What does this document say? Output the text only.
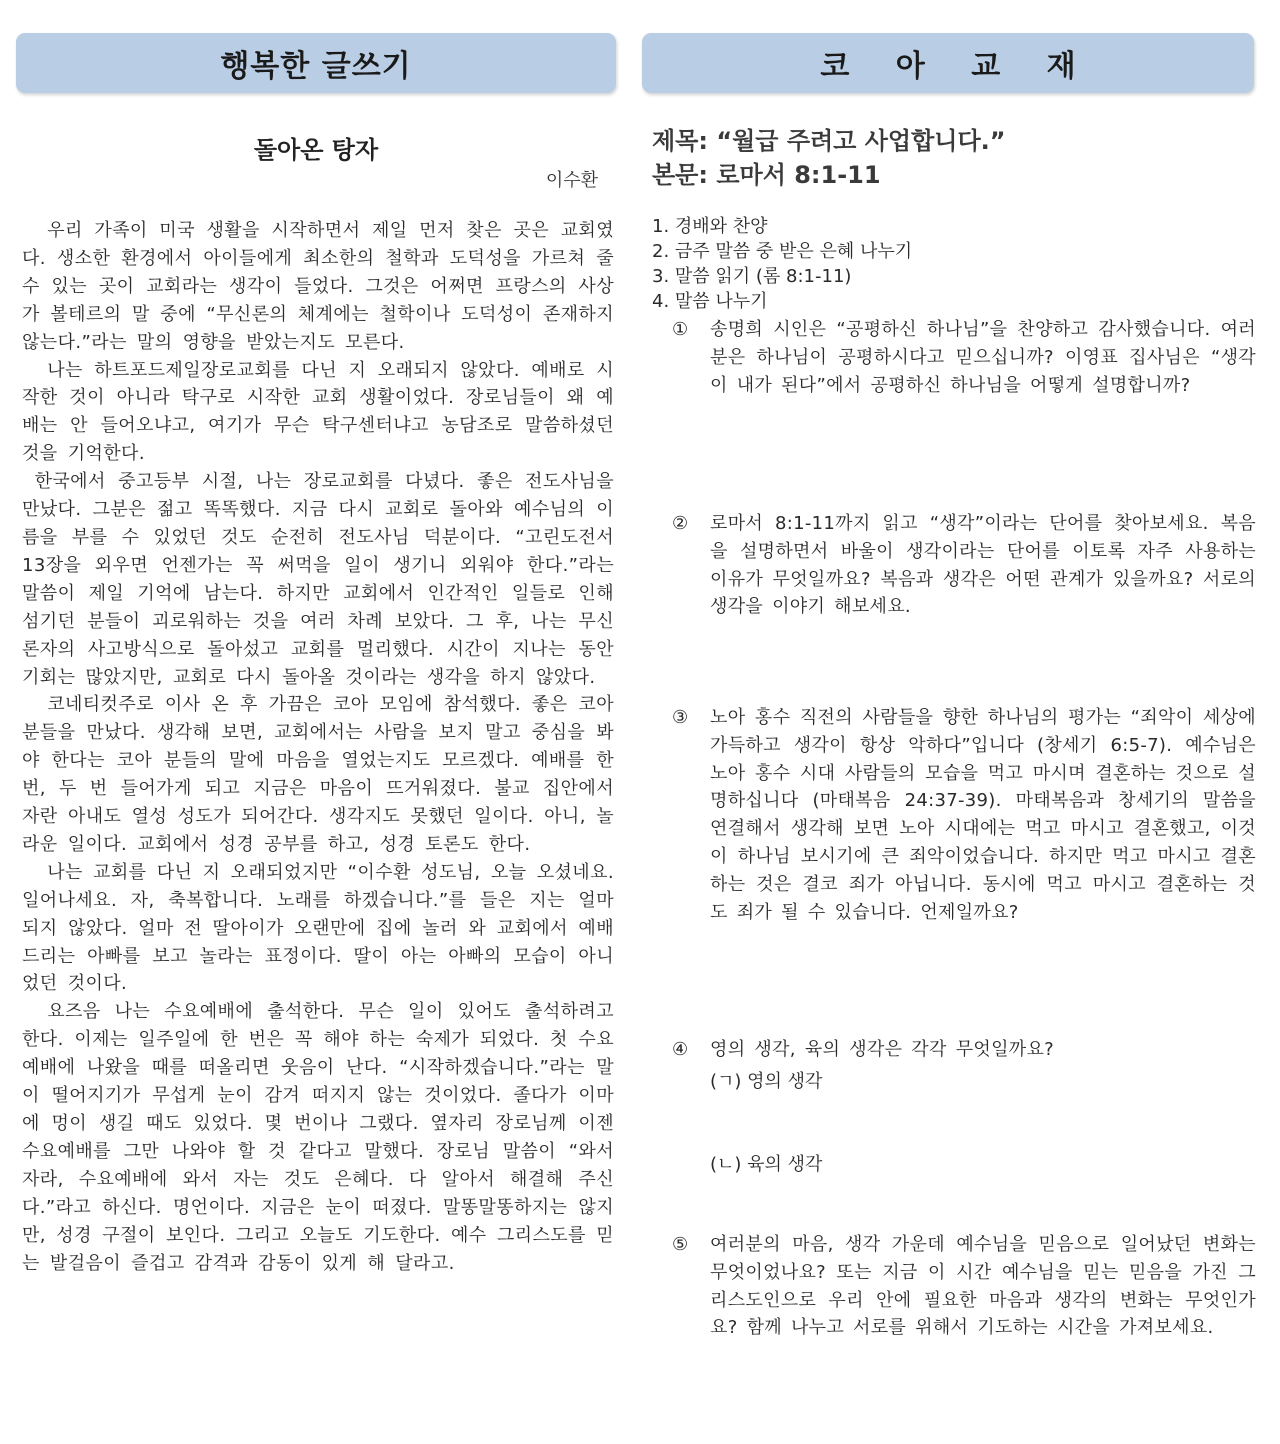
행복한 글쓰기
돌아온 탕자
이수환

우리 가족이 미국 생활을 시작하면서 제일 먼저 찾은 곳은 교회였다. 생소한 환경에서 아이들에게 최소한의 철학과 도덕성을 가르쳐 줄 수 있는 곳이 교회라는 생각이 들었다. 그것은 어쩌면 프랑스의 사상가 볼테르의 말 중에 “무신론의 체계에는 철학이나 도덕성이 존재하지 않는다.”라는 말의 영향을 받았는지도 모른다.

나는 하트포드제일장로교회를 다닌 지 오래되지 않았다. 예배로 시작한 것이 아니라 탁구로 시작한 교회 생활이었다. 장로님들이 왜 예배는 안 들어오냐고, 여기가 무슨 탁구센터냐고 농담조로 말씀하셨던 것을 기억한다.

한국에서 중고등부 시절, 나는 장로교회를 다녔다. 좋은 전도사님을 만났다. 그분은 젊고 똑똑했다. 지금 다시 교회로 돌아와 예수님의 이름을 부를 수 있었던 것도 순전히 전도사님 덕분이다. “고린도전서 13장을 외우면 언젠가는 꼭 써먹을 일이 생기니 외워야 한다.”라는 말씀이 제일 기억에 남는다. 하지만 교회에서 인간적인 일들로 인해 섬기던 분들이 괴로워하는 것을 여러 차례 보았다. 그 후, 나는 무신론자의 사고방식으로 돌아섰고 교회를 멀리했다. 시간이 지나는 동안 기회는 많았지만, 교회로 다시 돌아올 것이라는 생각을 하지 않았다.

코네티컷주로 이사 온 후 가끔은 코아 모임에 참석했다. 좋은 코아 분들을 만났다. 생각해 보면, 교회에서는 사람을 보지 말고 중심을 봐야 한다는 코아 분들의 말에 마음을 열었는지도 모르겠다. 예배를 한 번, 두 번 들어가게 되고 지금은 마음이 뜨거워졌다. 불교 집안에서 자란 아내도 열성 성도가 되어간다. 생각지도 못했던 일이다. 아니, 놀라운 일이다. 교회에서 성경 공부를 하고, 성경 토론도 한다.

나는 교회를 다닌 지 오래되었지만 “이수환 성도님, 오늘 오셨네요. 일어나세요. 자, 축복합니다. 노래를 하겠습니다.”를 들은 지는 얼마 되지 않았다. 얼마 전 딸아이가 오랜만에 집에 놀러 와 교회에서 예배드리는 아빠를 보고 놀라는 표정이다. 딸이 아는 아빠의 모습이 아니었던 것이다.

요즈음 나는 수요예배에 출석한다. 무슨 일이 있어도 출석하려고 한다. 이제는 일주일에 한 번은 꼭 해야 하는 숙제가 되었다. 첫 수요예배에 나왔을 때를 떠올리면 웃음이 난다. “시작하겠습니다.”라는 말이 떨어지기가 무섭게 눈이 감겨 떠지지 않는 것이었다. 졸다가 이마에 멍이 생길 때도 있었다. 몇 번이나 그랬다. 옆자리 장로님께 이젠 수요예배를 그만 나와야 할 것 같다고 말했다. 장로님 말씀이 “와서 자라, 수요예배에 와서 자는 것도 은혜다. 다 알아서 해결해 주신다.”라고 하신다. 명언이다. 지금은 눈이 떠졌다. 말똥말똥하지는 않지만, 성경 구절이 보인다. 그리고 오늘도 기도한다. 예수 그리스도를 믿는 발걸음이 즐겁고 감격과 감동이 있게 해 달라고.

코 아 교 재
제목: “월급 주려고 사업합니다.”
본문: 로마서 8:1-11
1. 경배와 찬양
2. 금주 말씀 중 받은 은혜 나누기
3. 말씀 읽기 (롬 8:1-11)
4. 말씀 나누기
①	송명희 시인은 “공평하신 하나님”을 찬양하고 감사했습니다. 여러분은 하나님이 공평하시다고 믿으십니까? 이영표 집사님은 “생각이 내가 된다”에서 공평하신 하나님을 어떻게 설명합니까?
②	로마서 8:1-11까지 읽고 “생각”이라는 단어를 찾아보세요. 복음을 설명하면서 바울이 생각이라는 단어를 이토록 자주 사용하는 이유가 무엇일까요? 복음과 생각은 어떤 관계가 있을까요? 서로의 생각을 이야기 해보세요.
③	노아 홍수 직전의 사람들을 향한 하나님의 평가는 “죄악이 세상에 가득하고 생각이 항상 악하다”입니다 (창세기 6:5-7). 예수님은 노아 홍수 시대 사람들의 모습을 먹고 마시며 결혼하는 것으로 설명하십니다 (마태복음 24:37-39). 마태복음과 창세기의 말씀을 연결해서 생각해 보면 노아 시대에는 먹고 마시고 결혼했고, 이것이 하나님 보시기에 큰 죄악이었습니다. 하지만 먹고 마시고 결혼하는 것은 결코 죄가 아닙니다. 동시에 먹고 마시고 결혼하는 것도 죄가 될 수 있습니다. 언제일까요?
④	영의 생각, 육의 생각은 각각 무엇일까요?
(ㄱ) 영의 생각
(ㄴ) 육의 생각
⑤	여러분의 마음, 생각 가운데 예수님을 믿음으로 일어났던 변화는 무엇이었나요? 또는 지금 이 시간 예수님을 믿는 믿음을 가진 그리스도인으로 우리 안에 필요한 마음과 생각의 변화는 무엇인가요? 함께 나누고 서로를 위해서 기도하는 시간을 가져보세요.
